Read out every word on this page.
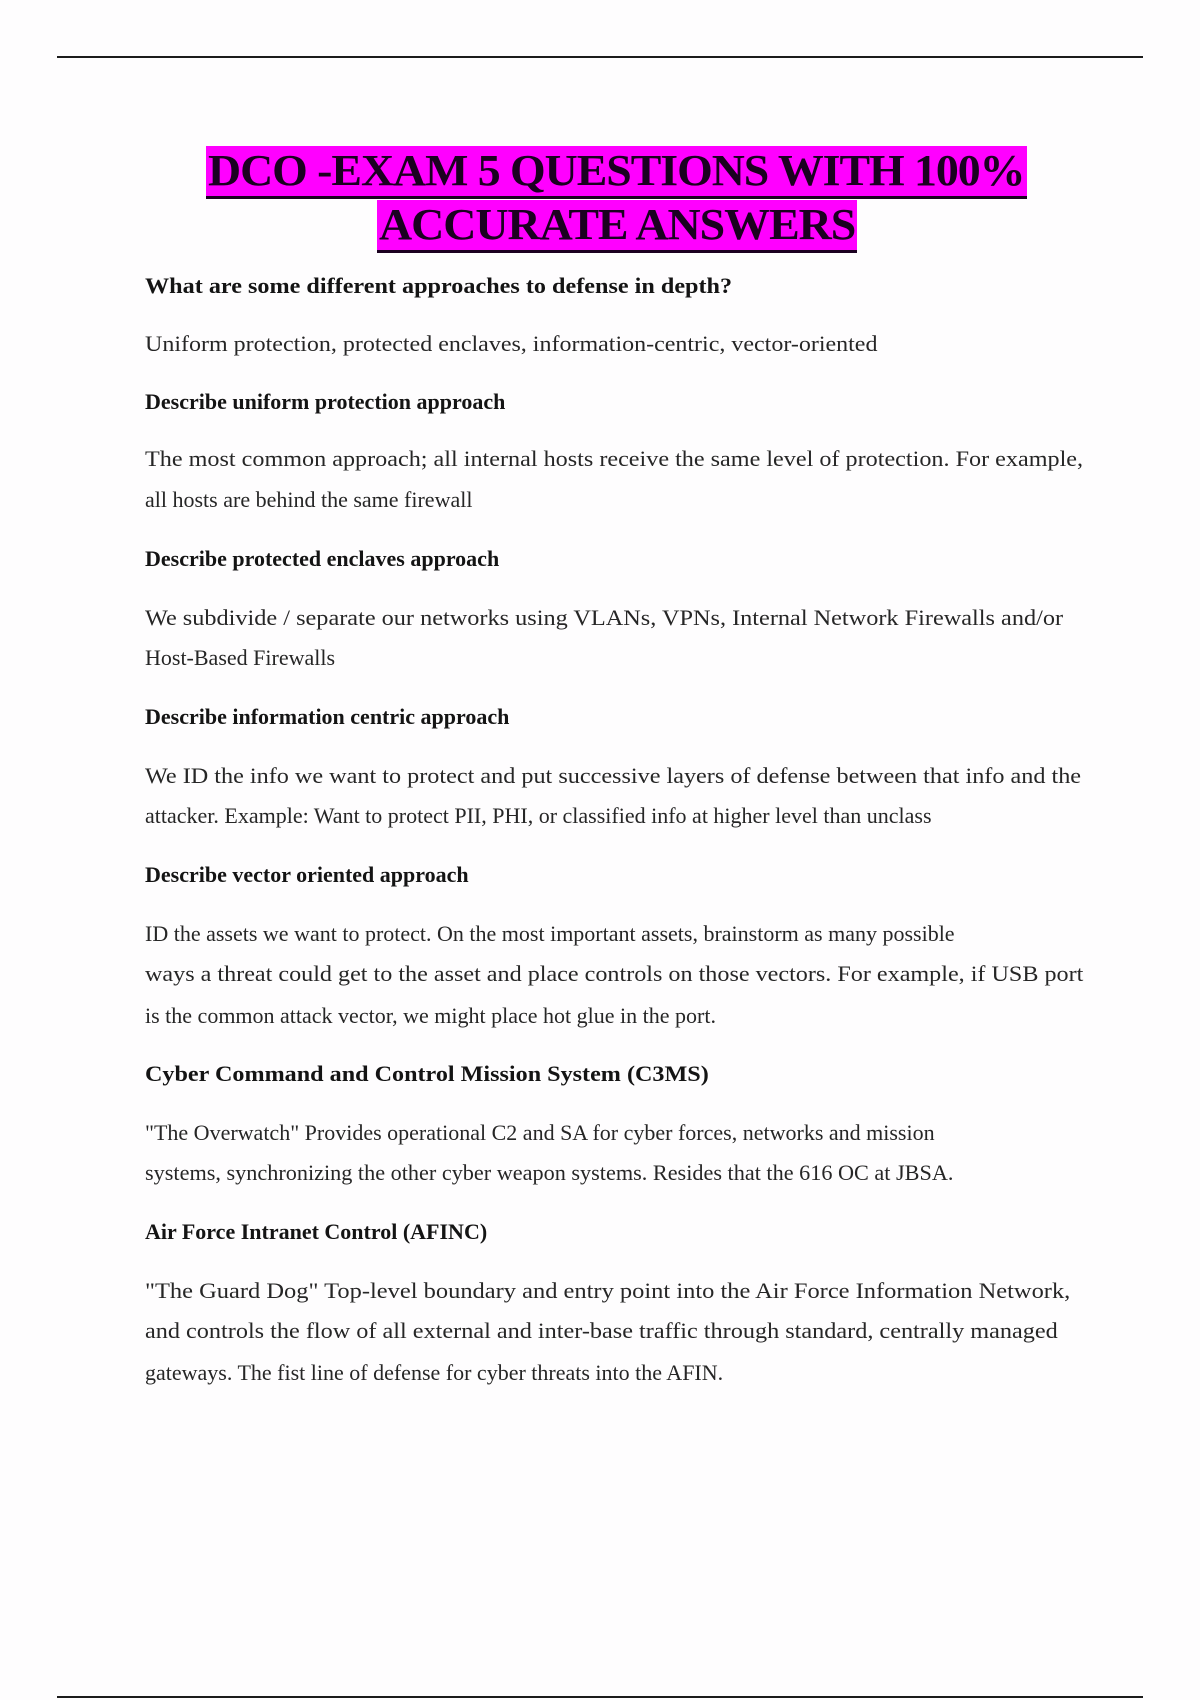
DCO -EXAM 5 QUESTIONS WITH 100%
ACCURATE ANSWERS
What are some different approaches to defense in depth?
Uniform protection, protected enclaves, information-centric, vector-oriented
Describe uniform protection approach
The most common approach; all internal hosts receive the same level of protection. For example,
all hosts are behind the same firewall
Describe protected enclaves approach
We subdivide / separate our networks using VLANs, VPNs, Internal Network Firewalls and/or
Host-Based Firewalls
Describe information centric approach
We ID the info we want to protect and put successive layers of defense between that info and the
attacker. Example: Want to protect PII, PHI, or classified info at higher level than unclass
Describe vector oriented approach
ID the assets we want to protect. On the most important assets, brainstorm as many possible
ways a threat could get to the asset and place controls on those vectors. For example, if USB port
is the common attack vector, we might place hot glue in the port.
Cyber Command and Control Mission System (C3MS)
"The Overwatch" Provides operational C2 and SA for cyber forces, networks and mission
systems, synchronizing the other cyber weapon systems. Resides that the 616 OC at JBSA.
Air Force Intranet Control (AFINC)
"The Guard Dog" Top-level boundary and entry point into the Air Force Information Network,
and controls the flow of all external and inter-base traffic through standard, centrally managed
gateways. The fist line of defense for cyber threats into the AFIN.
